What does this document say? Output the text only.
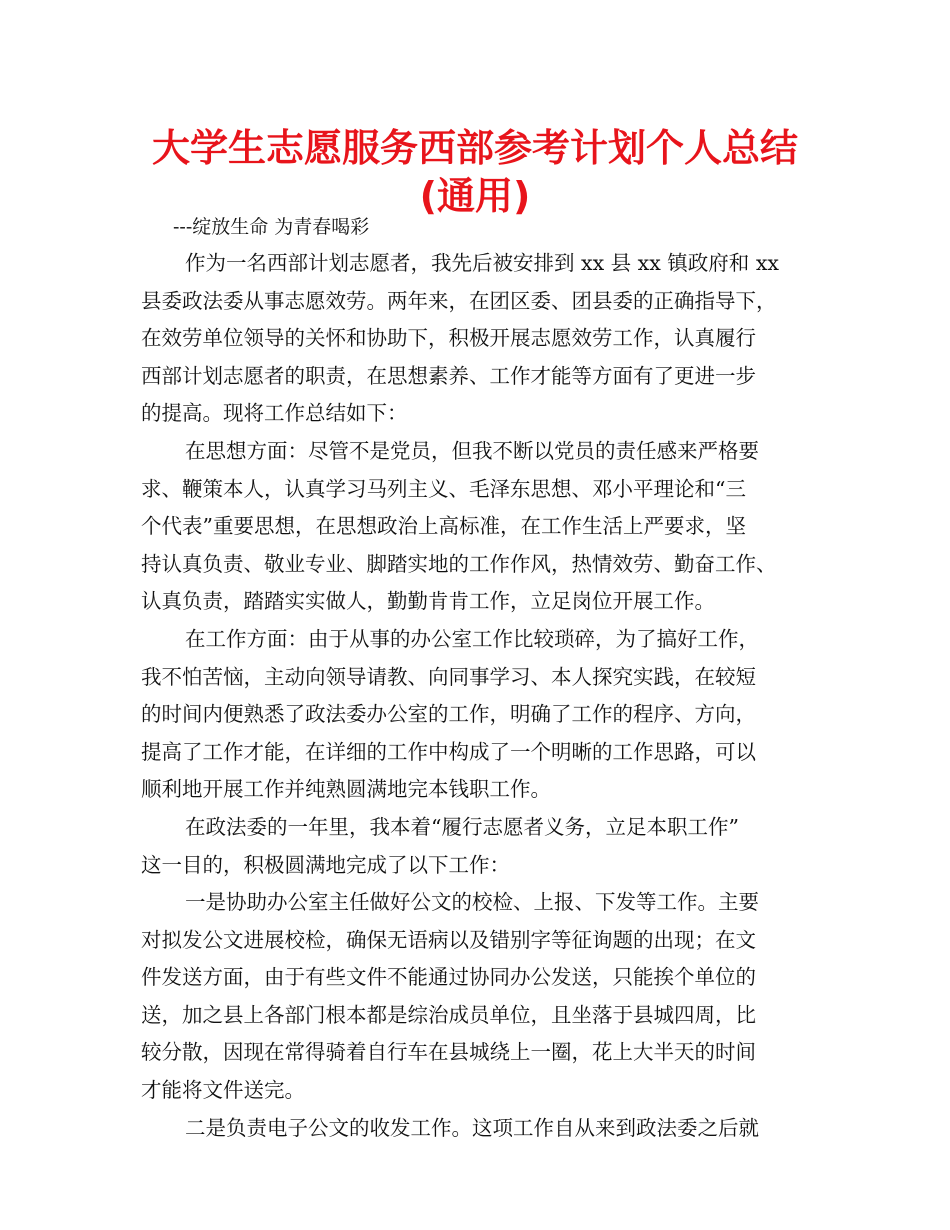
大学生志愿服务西部参考计划个人总结
(通用)
---绽放生命 为青春喝彩

作为一名西部计划志愿者，我先后被安排到 xx 县 xx 镇政府和 xx
县委政法委从事志愿效劳。两年来，在团区委、团县委的正确指导下，
在效劳单位领导的关怀和协助下，积极开展志愿效劳工作，认真履行
西部计划志愿者的职责，在思想素养、工作才能等方面有了更进一步
的提高。现将工作总结如下：

在思想方面：尽管不是党员，但我不断以党员的责任感来严格要
求、鞭策本人，认真学习马列主义、毛泽东思想、邓小平理论和“三
个代表”重要思想，在思想政治上高标准，在工作生活上严要求，坚
持认真负责、敬业专业、脚踏实地的工作作风，热情效劳、勤奋工作、
认真负责，踏踏实实做人，勤勤肯肯工作，立足岗位开展工作。

在工作方面：由于从事的办公室工作比较琐碎，为了搞好工作，
我不怕苦恼，主动向领导请教、向同事学习、本人探究实践，在较短
的时间内便熟悉了政法委办公室的工作，明确了工作的程序、方向，
提高了工作才能，在详细的工作中构成了一个明晰的工作思路，可以
顺利地开展工作并纯熟圆满地完本钱职工作。

在政法委的一年里，我本着“履行志愿者义务，立足本职工作”
这一目的，积极圆满地完成了以下工作：

一是协助办公室主任做好公文的校检、上报、下发等工作。主要
对拟发公文进展校检，确保无语病以及错别字等征询题的出现；在文
件发送方面，由于有些文件不能通过协同办公发送，只能挨个单位的
送，加之县上各部门根本都是综治成员单位，且坐落于县城四周，比
较分散，因现在常得骑着自行车在县城绕上一圈，花上大半天的时间
才能将文件送完。

二是负责电子公文的收发工作。这项工作自从来到政法委之后就
